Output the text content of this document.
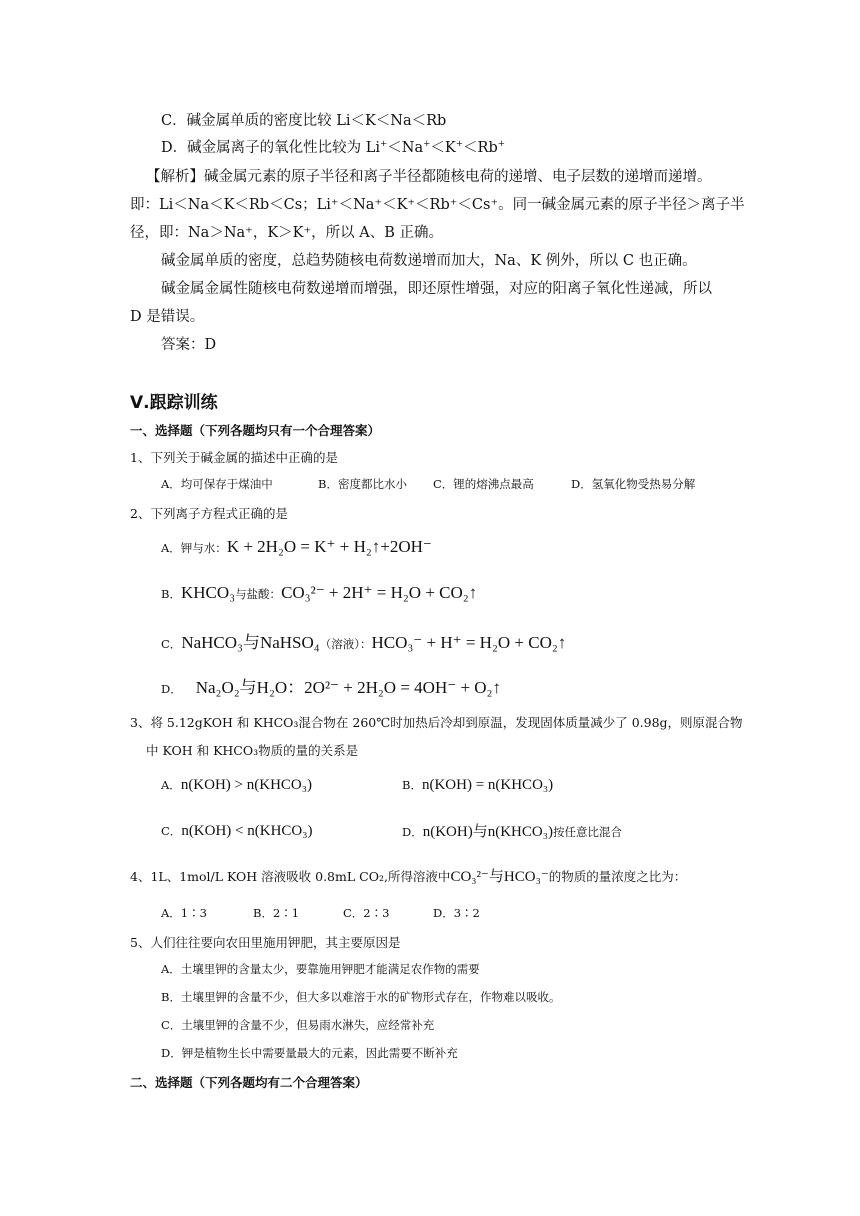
C．碱金属单质的密度比较 Li＜K＜Na＜Rb
D．碱金属离子的氧化性比较为 Li+＜Na+＜K+＜Rb+
【解析】碱金属元素的原子半径和离子半径都随核电荷的递增、电子层数的递增而递增。
即：Li＜Na＜K＜Rb＜Cs；Li⁺＜Na⁺＜K⁺＜Rb⁺＜Cs⁺。同一碱金属元素的原子半径＞离子半
径，即：Na＞Na⁺，K＞K⁺，所以 A、B 正确。
碱金属单质的密度，总趋势随核电荷数递增而加大，Na、K 例外，所以 C 也正确。
碱金属金属性随核电荷数递增而增强，即还原性增强，对应的阳离子氧化性递减，所以
D 是错误。
答案：D
Ⅴ.跟踪训练
一、选择题（下列各题均只有一个合理答案）
1、下列关于碱金属的描述中正确的是
A．均可保存于煤油中	B．密度都比水小 C．锂的熔沸点最高	D．氢氧化物受热易分解
2、下列离子方程式正确的是
A．钾与水：K + 2H₂O = K⁺ + H₂↑+2OH⁻
B．KHCO₃与盐酸：CO₃²⁻ + 2H⁺ = H₂O + CO₂↑
C．NaHCO₃与NaHSO₄（溶液）：HCO₃⁻ + H⁺ = H₂O + CO₂↑
D． Na₂O₂与H₂O：2O²⁻ + 2H₂O = 4OH⁻ + O₂↑
3、将 5.12gKOH 和 KHCO₃混合物在 260℃时加热后冷却到原温，发现固体质量减少了 0.98g，则原混合物
中 KOH 和 KHCO₃物质的量的关系是
A．n(KOH) > n(KHCO₃)	B．n(KOH) = n(KHCO₃)
C．n(KOH) < n(KHCO₃)	D．n(KOH)与n(KHCO₃)按任意比混合
4、1L、1mol/L KOH 溶液吸收 0.8mL CO₂,所得溶液中CO₃²⁻与HCO₃⁻的物质的量浓度之比为：
A．1∶3	B．2∶1	C．2∶3	D．3∶2
5、人们往往要向农田里施用钾肥，其主要原因是
A．土壤里钾的含量太少，要靠施用钾肥才能满足农作物的需要
B．土壤里钾的含量不少，但大多以难溶于水的矿物形式存在，作物难以吸收。
C．土壤里钾的含量不少，但易雨水淋失，应经常补充
D．钾是植物生长中需要量最大的元素，因此需要不断补充
二、选择题（下列各题均有二个合理答案）
